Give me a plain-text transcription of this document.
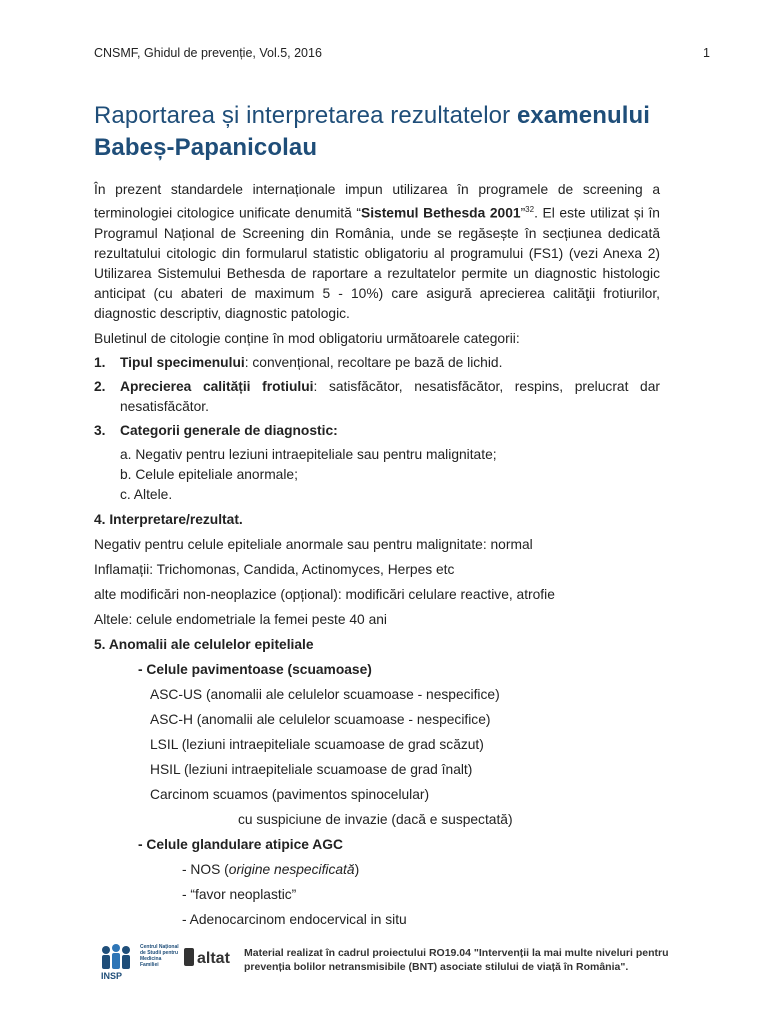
CNSMF, Ghidul de prevenție, Vol.5, 2016	1
Raportarea și interpretarea rezultatelor examenului
Babeș-Papanicolau

În prezent standardele internaționale impun utilizarea în programele de screening a terminologiei citologice unificate denumită “Sistemul Bethesda 2001”$^{32}$. El este utilizat și în Programul Național de Screening din România, unde se regăsește în secțiunea dedicată rezultatului citologic din formularul statistic obligatoriu al programului (FS1) (vezi Anexa 2) Utilizarea Sistemului Bethesda de raportare a rezultatelor permite un diagnostic histologic anticipat (cu abateri de maximum 5 - 10%) care asigură aprecierea calităţii frotiurilor, diagnostic descriptiv, diagnostic patologic.

Buletinul de citologie conține în mod obligatoriu următoarele categorii:

1.	Tipul specimenului: convențional, recoltare pe bază de lichid.
2.	Aprecierea calității frotiului: satisfăcător, nesatisfăcător, respins, prelucrat dar nesatisfăcător.
3.	Categorii generale de diagnostic:
a. Negativ pentru leziuni intraepiteliale sau pentru malignitate;
b. Celule epiteliale anormale;
c. Altele.
4. Interpretare/rezultat.
Negativ pentru celule epiteliale anormale sau pentru malignitate: normal
Inflamații: Trichomonas, Candida, Actinomyces, Herpes etc
alte modificări non-neoplazice (opțional): modificări celulare reactive, atrofie
Altele: celule endometriale la femei peste 40 ani
5. Anomalii ale celulelor epiteliale
- Celule pavimentoase (scuamoase)
ASC-US (anomalii ale celulelor scuamoase - nespecifice)
ASC-H (anomalii ale celulelor scuamoase - nespecifice)
LSIL (leziuni intraepiteliale scuamoase de grad scăzut)
HSIL (leziuni intraepiteliale scuamoase de grad înalt)
Carcinom scuamos (pavimentos spinocelular)
cu suspiciune de invazie (dacă e suspectată)
- Celule glandulare atipice AGC
- NOS (origine nespecificată)
- “favor neoplastic”
- Adenocarcinom endocervical in situ
INSP
Centrul Național de Studii pentru Medicina Familiei	altat Material realizat în cadrul proiectului RO19.04 "Intervenții la mai multe niveluri pentru prevenția bolilor netransmisibile (BNT) asociate stilului de viață în România".
